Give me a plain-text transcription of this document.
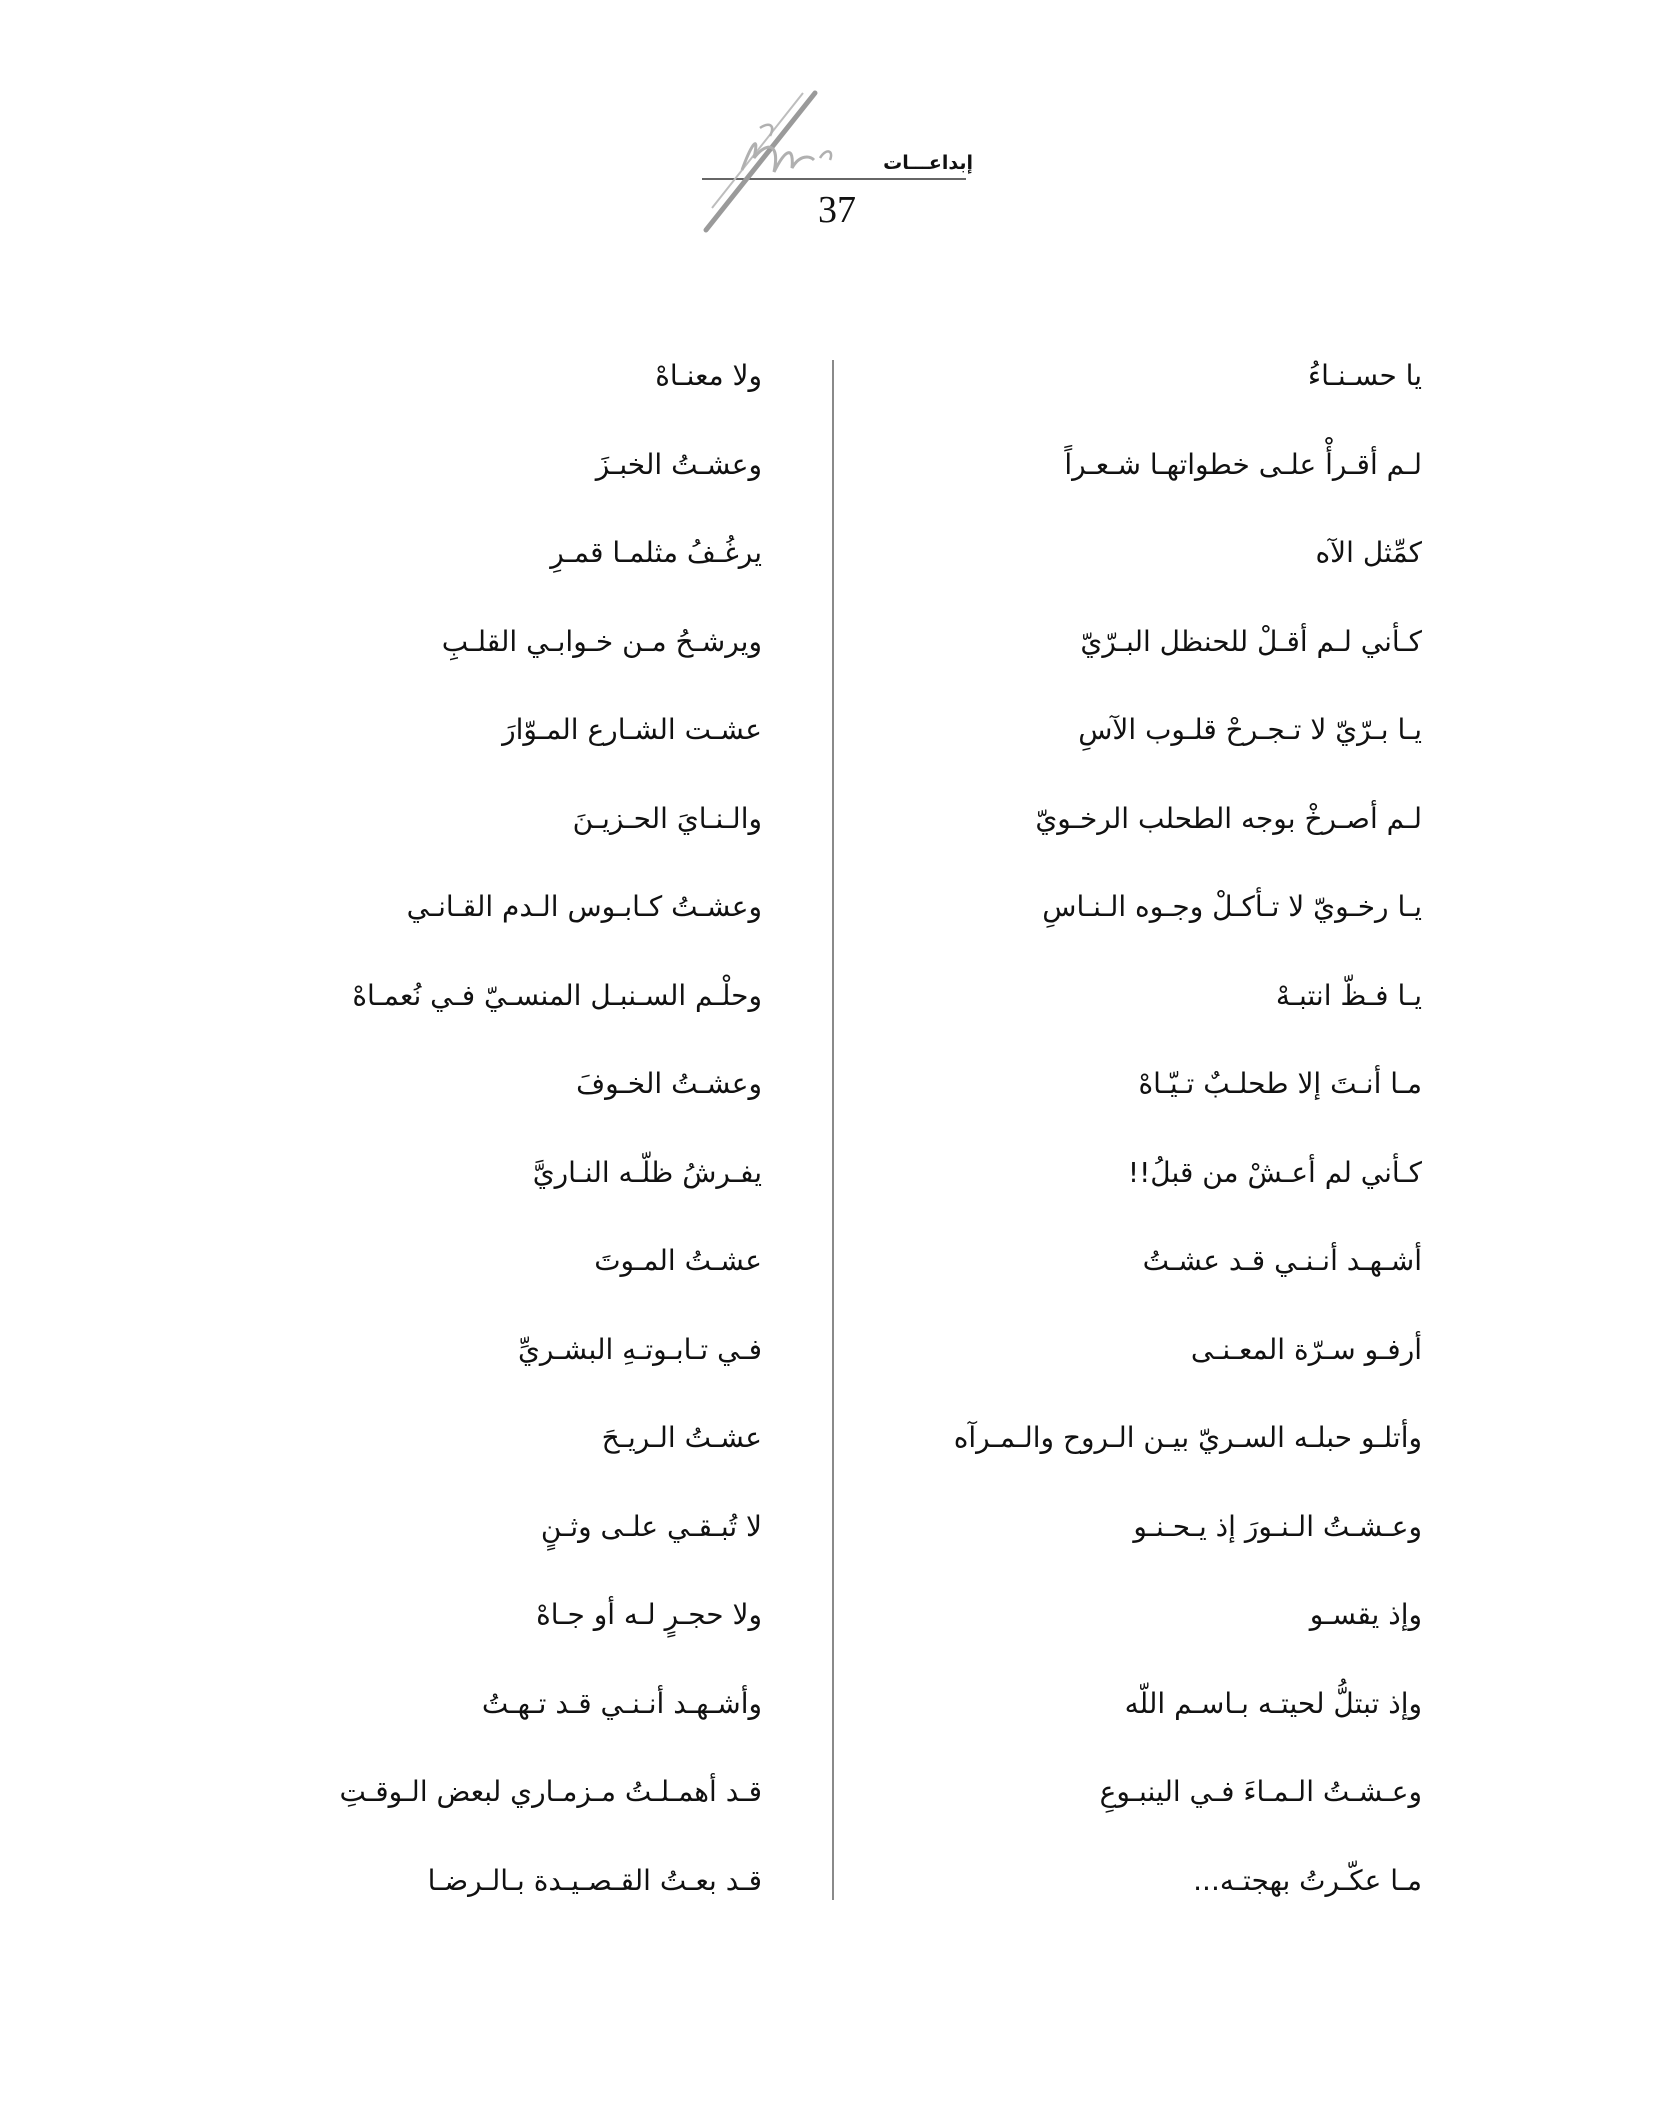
إبداعـــات
37
يا حسـنـاءُ
لـم أقـرأْ علـى خطواتهـا شـعـراً
كمِّثل الآه
كـأني لـم أقـلْ للحنظل البـرّيّ
يـا بـرّيّ لا تـجـرحْ قلـوب الآسِ
لـم أصـرخْ بوجه الطحلب الرخـويّ
يـا رخـويّ لا تـأكـلْ وجـوه الـنـاسِ
يـا فـظّ انتبـهْ
مـا أنـتَ إلا طحلـبٌ تـيّـاهْ
كـأني لم أعـشْ من قبلُ!!
أشـهـد أنـنـي قـد عشـتُ
أرفـو سـرّة المعـنـى
وأتلـو حبلـه السـريّ بيـن الـروح والـمـرآه
وعـشـتُ الـنـورَ إذ يـحـنـو
وإذ يقسـو
وإذ تبتلُّ لحيتـه بـاسـم اللّه
وعـشـتُ الـمـاءَ فـي الينبـوعِ
مـا عكّـرتُ بهجتـه...
ولا معنـاهْ
وعشـتُ الخبـزَ
يرغُـفُ مثلمـا قمـرِ
ويرشـحُ مـن خـوابـي القلـبِ
عشـت الشـارع المـوّارَ
والـنـايَ الحـزيـنَ
وعشـتُ كـابـوس الـدم القـانـي
وحلْـم السـنبـل المنسـيّ فـي نُعمـاهْ
وعشـتُ الخـوفَ
يفـرشُ ظلّـه النـاريَّ
عشـتُ المـوتَ
فـي تـابـوتـهِ البشـريِّ
عشـتُ الـريـحَ
لا تُبـقـي علـى وثـنٍ
ولا حجـرٍ لـه أو جـاهْ
وأشـهـد أنـنـي قـد تـهـتُ
قـد أهمـلـتُ مـزمـاري لبعض الـوقـتِ
قـد بعـتُ القـصـيـدة بـالـرضـا
